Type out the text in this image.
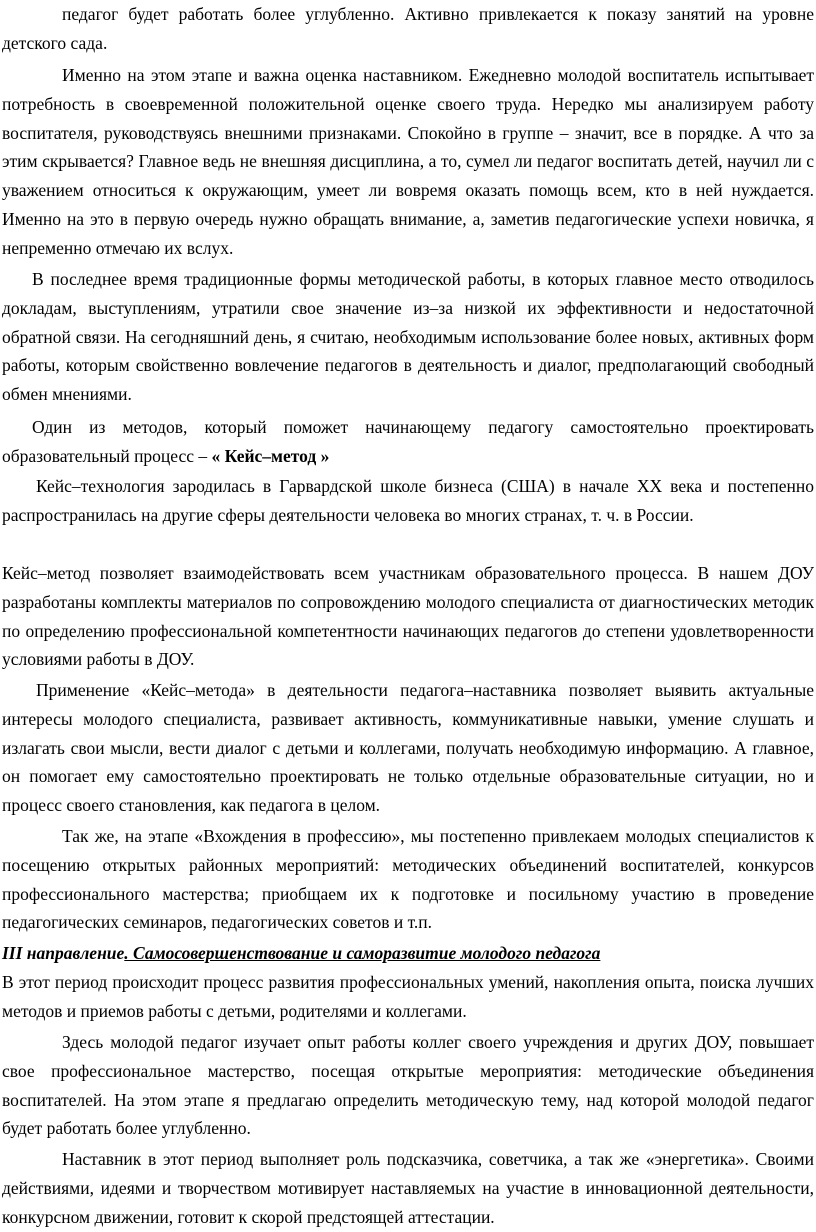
педагог будет работать более углубленно. Активно привлекается к показу занятий на уровне детского сада.

Именно на этом этапе и важна оценка наставником. Ежедневно молодой воспитатель испытывает потребность в своевременной положительной оценке своего труда. Нередко мы анализируем работу воспитателя, руководствуясь внешними признаками. Спокойно в группе – значит, все в порядке. А что за этим скрывается? Главное ведь не внешняя дисциплина, а то, сумел ли педагог воспитать детей, научил ли с уважением относиться к окружающим, умеет ли вовремя оказать помощь всем, кто в ней нуждается. Именно на это в первую очередь нужно обращать внимание, а, заметив педагогические успехи новичка, я непременно отмечаю их вслух.

В последнее время традиционные формы методической работы, в которых главное место отводилось докладам, выступлениям, утратили свое значение из–за низкой их эффективности и недостаточной обратной связи. На сегодняшний день, я считаю, необходимым использование более новых, активных форм работы, которым свойственно вовлечение педагогов в деятельность и диалог, предполагающий свободный обмен мнениями.

Один из методов, который поможет начинающему педагогу самостоятельно проектировать образовательный процесс – « Кейс–метод »

Кейс–технология зародилась в Гарвардской школе бизнеса (США) в начале XX века и постепенно распространилась на другие сферы деятельности человека во многих странах, т. ч. в России.

Кейс–метод позволяет взаимодействовать всем участникам образовательного процесса. В нашем ДОУ разработаны комплекты материалов по сопровождению молодого специалиста от диагностических методик по определению профессиональной компетентности начинающих педагогов до степени удовлетворенности условиями работы в ДОУ.

Применение «Кейс–метода» в деятельности педагога–наставника позволяет выявить актуальные интересы молодого специалиста, развивает активность, коммуникативные навыки, умение слушать и излагать свои мысли, вести диалог с детьми и коллегами, получать необходимую информацию. А главное, он помогает ему самостоятельно проектировать не только отдельные образовательные ситуации, но и процесс своего становления, как педагога в целом.

Так же, на этапе «Вхождения в профессию», мы постепенно привлекаем молодых специалистов к посещению открытых районных мероприятий: методических объединений воспитателей, конкурсов профессионального мастерства; приобщаем их к подготовке и посильному участию в проведение педагогических семинаров, педагогических советов и т.п.

III направление. Самосовершенствование и саморазвитие молодого педагога

В этот период происходит процесс развития профессиональных умений, накопления опыта, поиска лучших методов и приемов работы с детьми, родителями и коллегами.

Здесь молодой педагог изучает опыт работы коллег своего учреждения и других ДОУ, повышает свое профессиональное мастерство, посещая открытые мероприятия: методические объединения воспитателей. На этом этапе я предлагаю определить методическую тему, над которой молодой педагог будет работать более углубленно.

Наставник в этот период выполняет роль подсказчика, советчика, а так же «энергетика». Своими действиями, идеями и творчеством мотивирует наставляемых на участие в инновационной деятельности, конкурсном движении, готовит к скорой предстоящей аттестации.
